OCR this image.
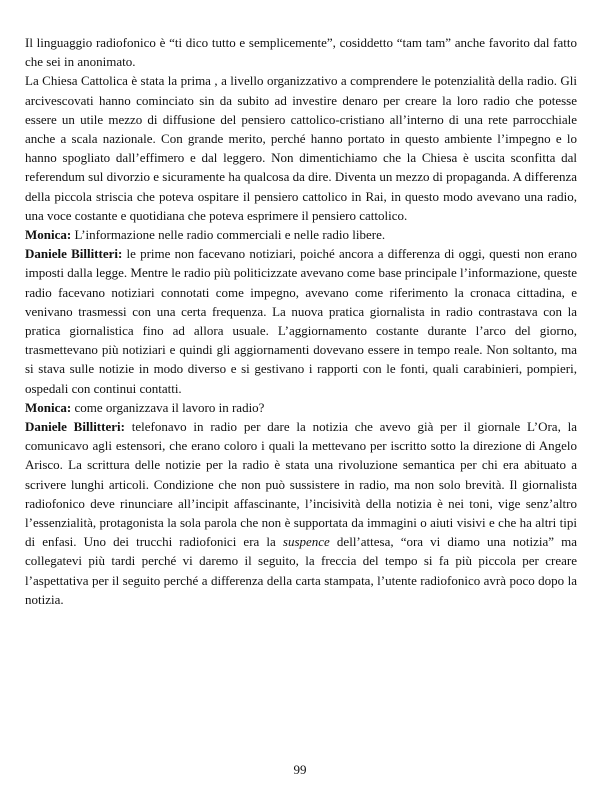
Il linguaggio radiofonico è “ti dico tutto e semplicemente”, cosiddetto “tam tam” anche favorito dal fatto che sei in anonimato.

La Chiesa Cattolica è stata la prima , a livello organizzativo a comprendere le potenzialità della radio. Gli arcivescovati hanno cominciato sin da subito ad investire denaro per creare la loro radio che potesse essere un utile mezzo di diffusione del pensiero cattolico-cristiano all’interno di una rete parrocchiale anche a scala nazionale. Con grande merito, perché hanno portato in questo ambiente l’impegno e lo hanno spogliato dall’effimero e dal leggero. Non dimentichiamo che la Chiesa è uscita sconfitta dal referendum sul divorzio e sicuramente ha qualcosa da dire. Diventa un mezzo di propaganda. A differenza della piccola striscia che poteva ospitare il pensiero cattolico in Rai, in questo modo avevano una radio, una voce costante e quotidiana che poteva esprimere il pensiero cattolico.

Monica: L’informazione nelle radio commerciali e nelle radio libere.

Daniele Billitteri: le prime non facevano notiziari, poiché ancora a differenza di oggi, questi non erano imposti dalla legge. Mentre le radio più politicizzate avevano come base principale l’informazione, queste radio facevano notiziari connotati come impegno, avevano come riferimento la cronaca cittadina, e venivano trasmessi con una certa frequenza. La nuova pratica giornalista in radio contrastava con la pratica giornalistica fino ad allora usuale. L’aggiornamento costante durante l’arco del giorno, trasmettevano più notiziari e quindi gli aggiornamenti dovevano essere in tempo reale. Non soltanto, ma si stava sulle notizie in modo diverso e si gestivano i rapporti con le fonti, quali carabinieri, pompieri, ospedali con continui contatti.

Monica: come organizzava il lavoro in radio?

Daniele Billitteri: telefonavo in radio per dare la notizia che avevo già per il giornale L’Ora, la comunicavo agli estensori, che erano coloro i quali la mettevano per iscritto sotto la direzione di Angelo Arisco. La scrittura delle notizie per la radio è stata una rivoluzione semantica per chi era abituato a scrivere lunghi articoli. Condizione che non può sussistere in radio, ma non solo brevità. Il giornalista radiofonico deve rinunciare all’incipit affascinante, l’incisività della notizia è nei toni, vige senz’altro l’essenzialità, protagonista la sola parola che non è supportata da immagini o aiuti visivi e che ha altri tipi di enfasi. Uno dei trucchi radiofonici era la suspence dell’attesa, “ora vi diamo una notizia” ma collegatevi più tardi perché vi daremo il seguito, la freccia del tempo si fa più piccola per creare l’aspettativa per il seguito perché a differenza della carta stampata, l’utente radiofonico avrà poco dopo la notizia.

99
